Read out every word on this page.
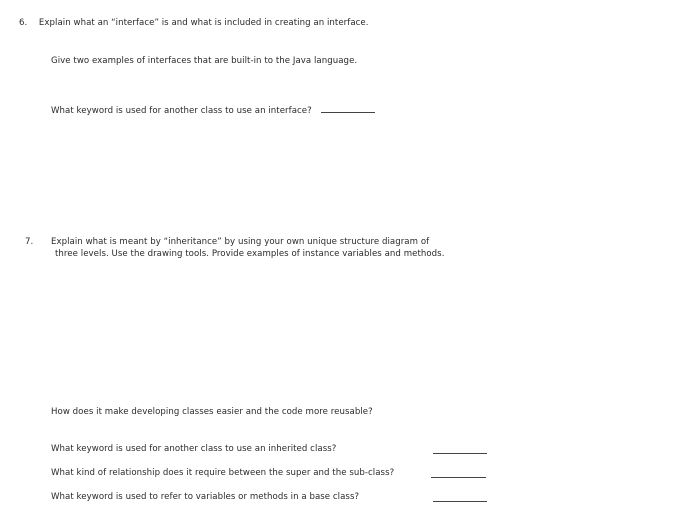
6. Explain what an “interface” is and what is included in creating an interface.
Give two examples of interfaces that are built-in to the Java language.
What keyword is used for another class to use an interface?
7. Explain what is meant by “inheritance” by using your own unique structure diagram of
three levels. Use the drawing tools. Provide examples of instance variables and methods.
How does it make developing classes easier and the code more reusable?
What keyword is used for another class to use an inherited class?
What kind of relationship does it require between the super and the sub-class?
What keyword is used to refer to variables or methods in a base class?
